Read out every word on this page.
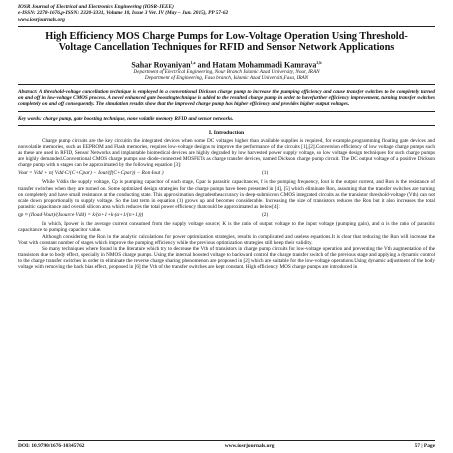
IOSR Journal of Electrical and Electronics Engineering (IOSR-JEEE)
e-ISSN: 2278-1676,p-ISSN: 2320-3331, Volume 10, Issue 3 Ver. IV (May – Jun. 2015), PP 57-62
www.iosrjournals.org
High Efficiency MOS Charge Pumps for Low-Voltage Operation Using Threshold-Voltage Cancellation Techniques for RFID and Sensor Network Applications
Sahar Royaniyan$^{1,a}$ and Hatam Mohammadi Kamrava$^{2,b}$
Department of Electrical Engineering, Nour Branch Islamic Azad University, Nour, IRAN
Department of Engineering, Fasa branch, Islamic Azad Universiti,Fasa, IRAN
Abstract: A threshold-voltage cancellation technique is employed in a conventional Dickson charge pump to increase the pumping efficiency and cause transfer switches to be completely turned on and off in low-voltage CMOS process. A novel enhanced gate boostingtechnique is added to the resulted charge pump in order to havefurther efficiency improvement, turning transfer switches completely on and off consequently. The simulation results show that the improved charge pump has higher efficiency and provides higher output voltages.
Key words: charge pump, gate boosting technique, none volatile memory RFID and sensor networks.
I. Introduction

Charge pump circuits are the key circuitin the integrated devices when some DC voltages higher than available supplies is required, for example,programming floating gate devices and nonvolatile memories, such as EEPROM and Flash memories, requires low-voltage designs to improve the performance of the circuits [1],[2].Conversion efficiency of low voltage charge pumps such as these are used in RFID, Sensor Networks and implantable biomedical devices are highly degraded by low harvested power supply voltage, so low voltage design techniques for such charge pumps are highly demanded.Conventional CMOS charge pumps use diode-connected MOSFETs as charge transfer devices, named Dickson charge pump circuit. The DC output voltage of a positive Dickson charge pump with n stages can be approximated by the following equation [3]:

Vout = Vdd + n( Vdd·C/(C+Cpar) − Iout/(f(C+Cpar)) − Ron·Iout )	(1)

While Vddis the supply voltage, Cp is pumping capacitor of each stage, Cpar is parasitic capacitances, f is the pumping frequency, Iout is the output current, and Ron is the resistance of transfer switches when they are turned on. Some optimized design strategies for the charge pumps have been presented in [4], [5] which eliminate Ron, assuming that the transfer switches are turning on completely and have small resistance at the conducting state. This approximation degradestheaccuracy in deep-submicron CMOS integrated circuits as the transistor threshold-voltage (Vth) can not scale down proportionally to supply voltage. So the last term in equation (1) grows up and becomes considerable. Increasing the size of transistors reduces the Ron but it also increases the total parasitic capacitance and overall silicon area which reduces the total power efficiency thatcould be approximated as below[4]:

ηp ≈ (Iload·Vout)/(Isource·Vdd) = k/(α+1+k·(α+1/(n+1)))	(2)

In which, Ipower is the average current consumed from the supply voltage source; K is the ratio of output voltage to the input voltage (pumping gain), and α is the ratio of parasitic capacitance to pumping capacitor value.

Although considering the Ron in the analytic calculations for power optimization strategies, results in complicated and useless equations.It is clear that reducing the Ron will increase the Vout with constant number of stages which improve the pumping efficiency while the previous optimization strategies still keep their validity.

So many techniques where found in the literature which try to decrease the Vth of transistors in charge pump circuits for low-voltage operation and preventing the Vth augmentation of the transistors due to body effect, specially in NMOS charge pumps. Using the internal boosted voltage to backward control the charge transfer switch of the previous stage and applying a dynamic control to the charge transfer switches in order to eliminate the reverse charge sharing phenomenon are proposed in [2] which are suitable for the low-voltage operations.Using dynamic adjustment of the body voltage with removing the back bias effect, proposed in [6] the Vth of the transfer switches are kept constant. High efficiency MOS charge pumps are introduced in

DOI: 10.9790/1676-10345762	www.iosrjournals.org	57 | Page
